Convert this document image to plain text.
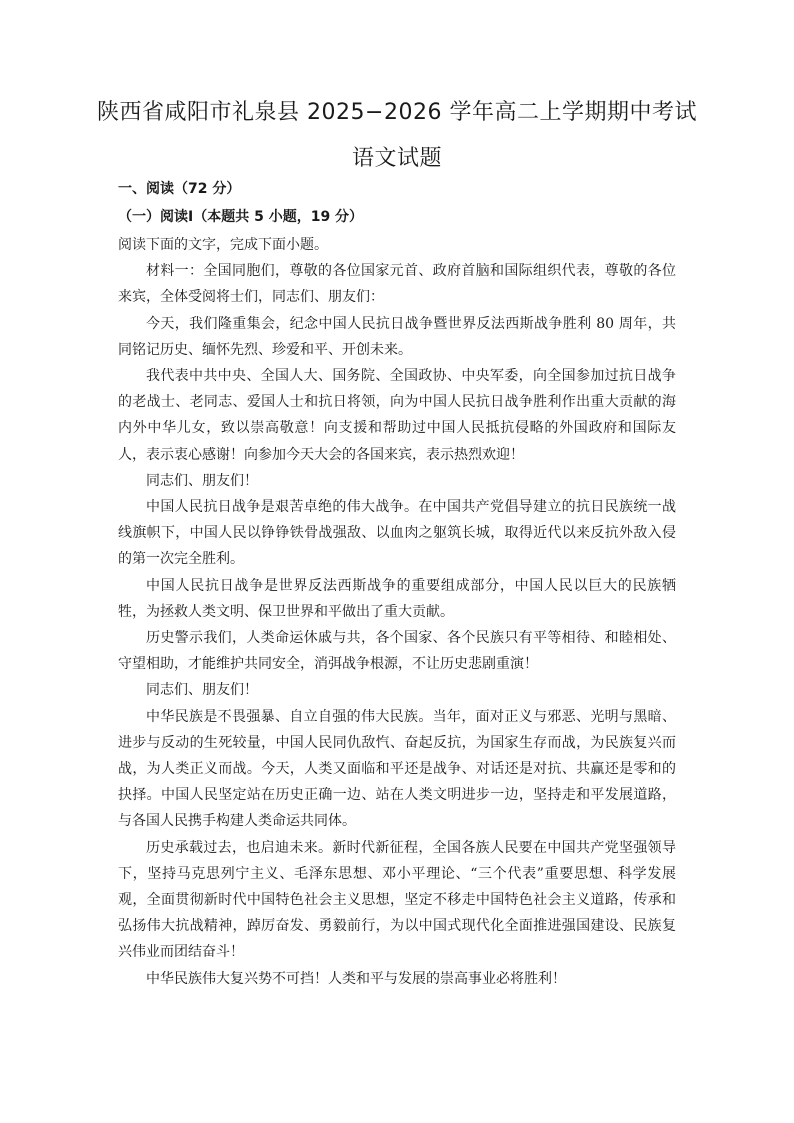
陕西省咸阳市礼泉县 2025−2026 学年高二上学期期中考试
语文试题
一、阅读（72 分）
（一）阅读Ⅰ（本题共 5 小题，19 分）

阅读下面的文字，完成下面小题。

材料一：全国同胞们，尊敬的各位国家元首、政府首脑和国际组织代表，尊敬的各位来宾，全体受阅将士们，同志们、朋友们：

今天，我们隆重集会，纪念中国人民抗日战争暨世界反法西斯战争胜利 80 周年，共同铭记历史、缅怀先烈、珍爱和平、开创未来。

我代表中共中央、全国人大、国务院、全国政协、中央军委，向全国参加过抗日战争的老战士、老同志、爱国人士和抗日将领，向为中国人民抗日战争胜利作出重大贡献的海内外中华儿女，致以崇高敬意！向支援和帮助过中国人民抵抗侵略的外国政府和国际友人，表示衷心感谢！向参加今天大会的各国来宾，表示热烈欢迎！

同志们、朋友们！

中国人民抗日战争是艰苦卓绝的伟大战争。在中国共产党倡导建立的抗日民族统一战线旗帜下，中国人民以铮铮铁骨战强敌、以血肉之躯筑长城，取得近代以来反抗外敌入侵的第一次完全胜利。

中国人民抗日战争是世界反法西斯战争的重要组成部分，中国人民以巨大的民族牺牲，为拯救人类文明、保卫世界和平做出了重大贡献。

历史警示我们，人类命运休戚与共，各个国家、各个民族只有平等相待、和睦相处、守望相助，才能维护共同安全，消弭战争根源，不让历史悲剧重演！

同志们、朋友们！

中华民族是不畏强暴、自立自强的伟大民族。当年，面对正义与邪恶、光明与黑暗、进步与反动的生死较量，中国人民同仇敌忾、奋起反抗，为国家生存而战，为民族复兴而战，为人类正义而战。今天，人类又面临和平还是战争、对话还是对抗、共赢还是零和的抉择。中国人民坚定站在历史正确一边、站在人类文明进步一边，坚持走和平发展道路，与各国人民携手构建人类命运共同体。

历史承载过去，也启迪未来。新时代新征程，全国各族人民要在中国共产党坚强领导下，坚持马克思列宁主义、毛泽东思想、邓小平理论、“三个代表”重要思想、科学发展观，全面贯彻新时代中国特色社会主义思想，坚定不移走中国特色社会主义道路，传承和弘扬伟大抗战精神，踔厉奋发、勇毅前行，为以中国式现代化全面推进强国建设、民族复兴伟业而团结奋斗！

中华民族伟大复兴势不可挡！人类和平与发展的崇高事业必将胜利！
